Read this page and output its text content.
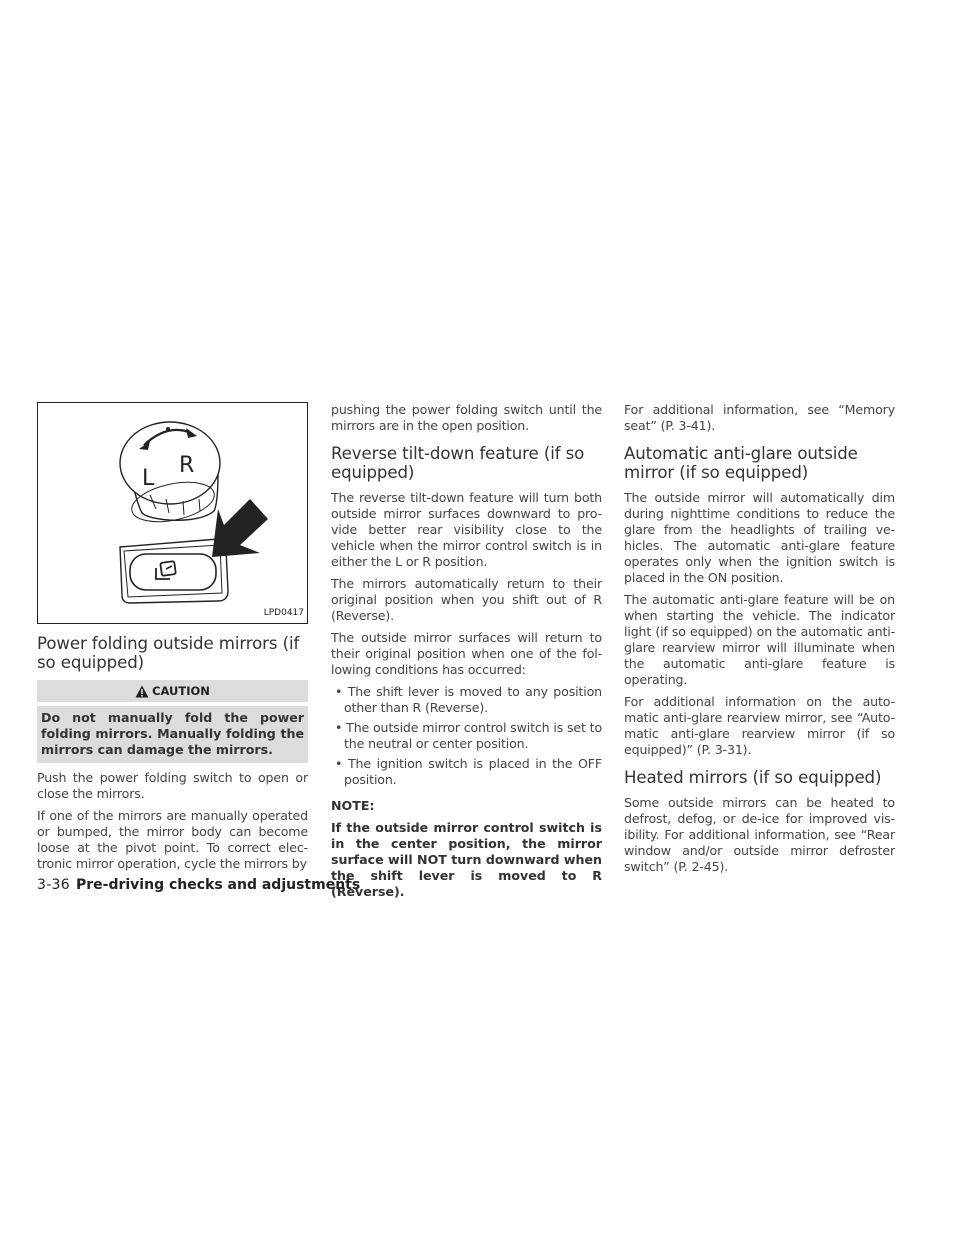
L
R
LPD0417
Power folding outside mirrors (if so equipped)
CAUTION
Do not manually fold the power folding mirrors. Manually folding the mirrors can damage the mirrors.

Push the power folding switch to open or close the mirrors.

If one of the mirrors are manually operated or bumped, the mirror body can become loose at the pivot point. To correct elec-tronic mirror operation, cycle the mirrors by

pushing the power folding switch until the mirrors are in the open position.

Reverse tilt-down feature (if so equipped)

The reverse tilt-down feature will turn both outside mirror surfaces downward to pro-vide better rear visibility close to the vehicle when the mirror control switch is in either the L or R position.

The mirrors automatically return to their original position when you shift out of R (Reverse).

The outside mirror surfaces will return to their original position when one of the fol-lowing conditions has occurred:

• The shift lever is moved to any position other than R (Reverse).
• The outside mirror control switch is set to the neutral or center position.
• The ignition switch is placed in the OFF position.
NOTE:
If the outside mirror control switch is in the center position, the mirror surface will NOT turn downward when the shift lever is moved to R (Reverse).

For additional information, see “Memory seat” (P. 3-41).

Automatic anti-glare outside mirror (if so equipped)

The outside mirror will automatically dim during nighttime conditions to reduce the glare from the headlights of trailing ve-hicles. The automatic anti-glare feature operates only when the ignition switch is placed in the ON position.

The automatic anti-glare feature will be on when starting the vehicle. The indicator light (if so equipped) on the automatic anti-glare rearview mirror will illuminate when the automatic anti-glare feature is operating.

For additional information on the auto-matic anti-glare rearview mirror, see “Auto-matic anti-glare rearview mirror (if so equipped)” (P. 3-31).

Heated mirrors (if so equipped)

Some outside mirrors can be heated to defrost, defog, or de-ice for improved vis-ibility. For additional information, see “Rear window and/or outside mirror defroster switch” (P. 2-45).

3-36 Pre-driving checks and adjustments
